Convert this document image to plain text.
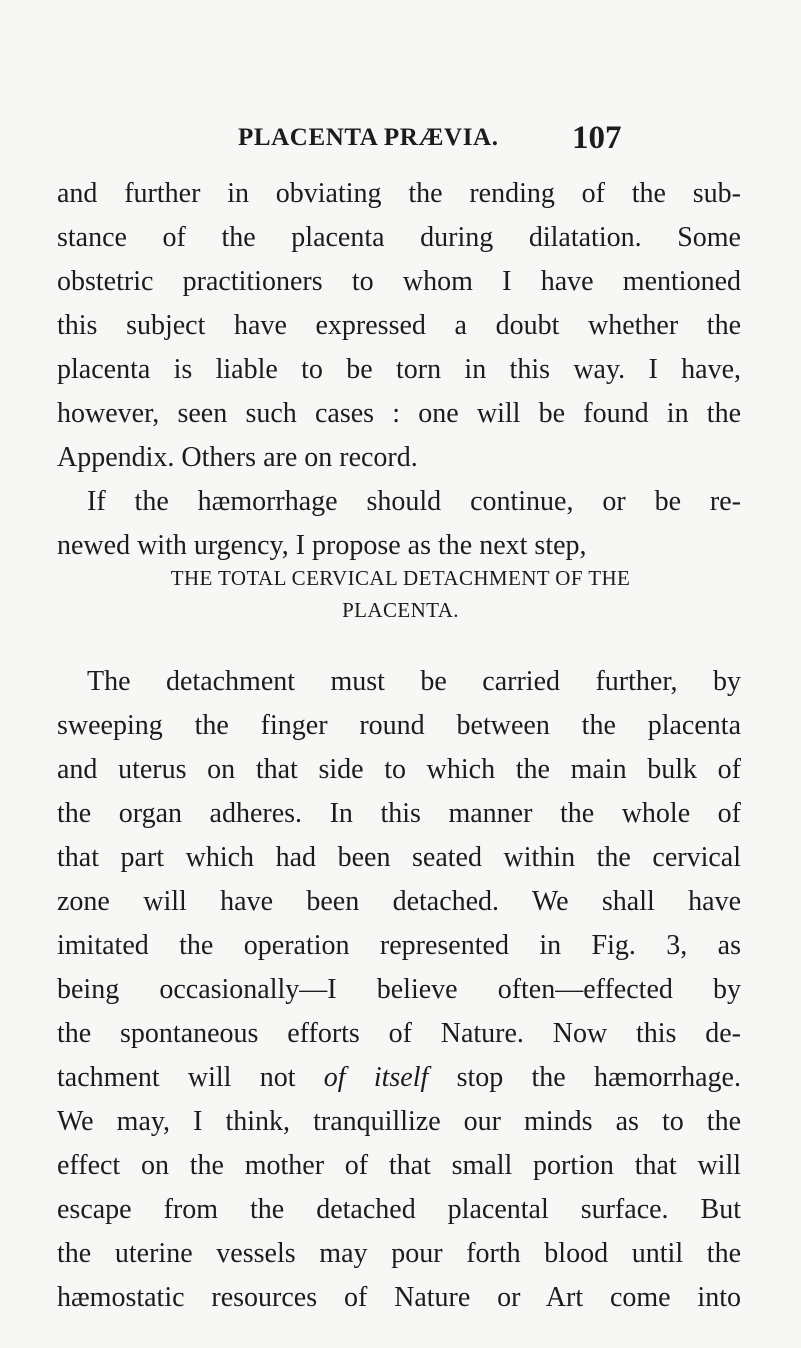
PLACENTA PRÆVIA. 107
and further in obviating the rending of the sub-
stance of the placenta during dilatation. Some
obstetric practitioners to whom I have mentioned
this subject have expressed a doubt whether the
placenta is liable to be torn in this way. I have,
however, seen such cases : one will be found in the
Appendix. Others are on record.
If the hæmorrhage should continue, or be re-
newed with urgency, I propose as the next step,
THE TOTAL CERVICAL DETACHMENT OF THE
PLACENTA.
The detachment must be carried further, by
sweeping the finger round between the placenta
and uterus on that side to which the main bulk of
the organ adheres. In this manner the whole of
that part which had been seated within the cervical
zone will have been detached. We shall have
imitated the operation represented in Fig. 3, as
being occasionally—I believe often—effected by
the spontaneous efforts of Nature. Now this de-
tachment will not of itself stop the hæmorrhage.
We may, I think, tranquillize our minds as to the
effect on the mother of that small portion that will
escape from the detached placental surface. But
the uterine vessels may pour forth blood until the
hæmostatic resources of Nature or Art come into
